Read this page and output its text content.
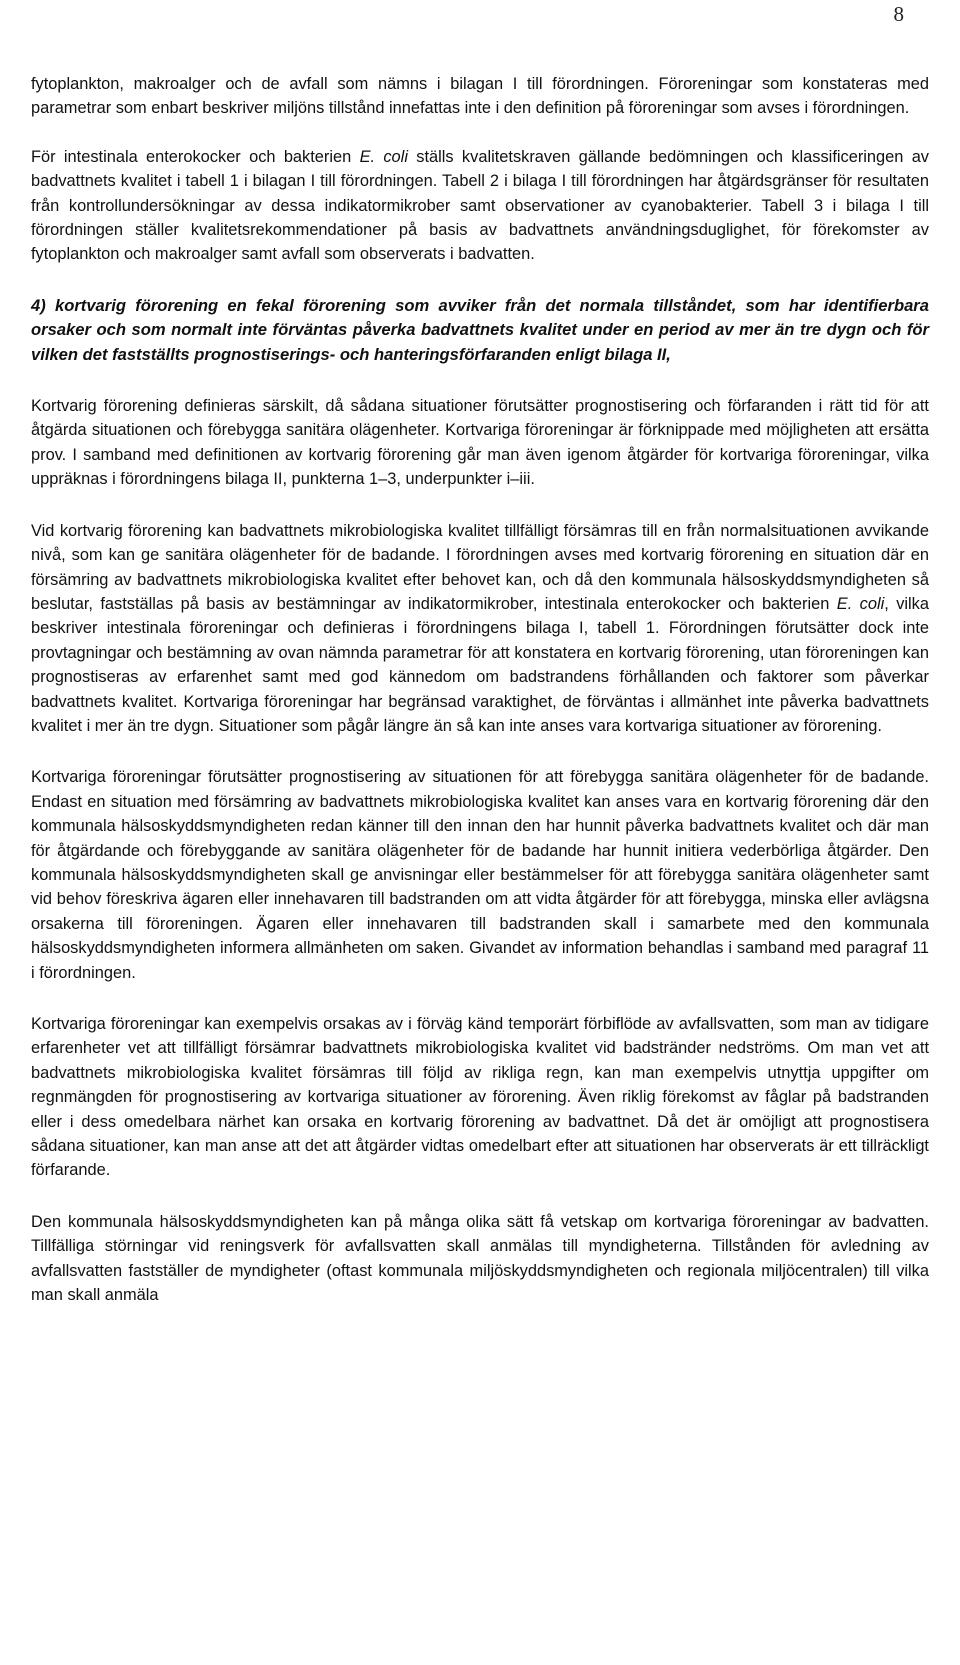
8

fytoplankton, makroalger och de avfall som nämns i bilagan I till förordningen. Föroreningar som konstateras med parametrar som enbart beskriver miljöns tillstånd innefattas inte i den definition på föroreningar som avses i förordningen.

För intestinala enterokocker och bakterien E. coli ställs kvalitetskraven gällande bedömningen och klassificeringen av badvattnets kvalitet i tabell 1 i bilagan I till förordningen. Tabell 2 i bilaga I till förordningen har åtgärdsgränser för resultaten från kontrollundersökningar av dessa indikatormikrober samt observationer av cyanobakterier. Tabell 3 i bilaga I till förordningen ställer kvalitetsrekommendationer på basis av badvattnets användningsduglighet, för förekomster av fytoplankton och makroalger samt avfall som observerats i badvatten.

4) kortvarig förorening en fekal förorening som avviker från det normala tillståndet, som har identifierbara orsaker och som normalt inte förväntas påverka badvattnets kvalitet under en period av mer än tre dygn och för vilken det fastställts prognostiserings- och hanteringsförfaranden enligt bilaga II,

Kortvarig förorening definieras särskilt, då sådana situationer förutsätter prognostisering och förfaranden i rätt tid för att åtgärda situationen och förebygga sanitära olägenheter. Kortvariga föroreningar är förknippade med möjligheten att ersätta prov. I samband med definitionen av kortvarig förorening går man även igenom åtgärder för kortvariga föroreningar, vilka uppräknas i förordningens bilaga II, punkterna 1–3, underpunkter i–iii.

Vid kortvarig förorening kan badvattnets mikrobiologiska kvalitet tillfälligt försämras till en från normalsituationen avvikande nivå, som kan ge sanitära olägenheter för de badande. I förordningen avses med kortvarig förorening en situation där en försämring av badvattnets mikrobiologiska kvalitet efter behovet kan, och då den kommunala hälsoskyddsmyndigheten så beslutar, fastställas på basis av bestämningar av indikatormikrober, intestinala enterokocker och bakterien E. coli, vilka beskriver intestinala föroreningar och definieras i förordningens bilaga I, tabell 1. Förordningen förutsätter dock inte provtagningar och bestämning av ovan nämnda parametrar för att konstatera en kortvarig förorening, utan föroreningen kan prognostiseras av erfarenhet samt med god kännedom om badstrandens förhållanden och faktorer som påverkar badvattnets kvalitet. Kortvariga föroreningar har begränsad varaktighet, de förväntas i allmänhet inte påverka badvattnets kvalitet i mer än tre dygn. Situationer som pågår längre än så kan inte anses vara kortvariga situationer av förorening.

Kortvariga föroreningar förutsätter prognostisering av situationen för att förebygga sanitära olägenheter för de badande. Endast en situation med försämring av badvattnets mikrobiologiska kvalitet kan anses vara en kortvarig förorening där den kommunala hälsoskyddsmyndigheten redan känner till den innan den har hunnit påverka badvattnets kvalitet och där man för åtgärdande och förebyggande av sanitära olägenheter för de badande har hunnit initiera vederbörliga åtgärder. Den kommunala hälsoskyddsmyndigheten skall ge anvisningar eller bestämmelser för att förebygga sanitära olägenheter samt vid behov föreskriva ägaren eller innehavaren till badstranden om att vidta åtgärder för att förebygga, minska eller avlägsna orsakerna till föroreningen. Ägaren eller innehavaren till badstranden skall i samarbete med den kommunala hälsoskyddsmyndigheten informera allmänheten om saken. Givandet av information behandlas i samband med paragraf 11 i förordningen.

Kortvariga föroreningar kan exempelvis orsakas av i förväg känd temporärt förbiflöde av avfallsvatten, som man av tidigare erfarenheter vet att tillfälligt försämrar badvattnets mikrobiologiska kvalitet vid badstränder nedströms. Om man vet att badvattnets mikrobiologiska kvalitet försämras till följd av rikliga regn, kan man exempelvis utnyttja uppgifter om regnmängden för prognostisering av kortvariga situationer av förorening. Även riklig förekomst av fåglar på badstranden eller i dess omedelbara närhet kan orsaka en kortvarig förorening av badvattnet. Då det är omöjligt att prognostisera sådana situationer, kan man anse att det att åtgärder vidtas omedelbart efter att situationen har observerats är ett tillräckligt förfarande.

Den kommunala hälsoskyddsmyndigheten kan på många olika sätt få vetskap om kortvariga föroreningar av badvatten. Tillfälliga störningar vid reningsverk för avfallsvatten skall anmälas till myndigheterna. Tillstånden för avledning av avfallsvatten fastställer de myndigheter (oftast kommunala miljöskyddsmyndigheten och regionala miljöcentralen) till vilka man skall anmäla
